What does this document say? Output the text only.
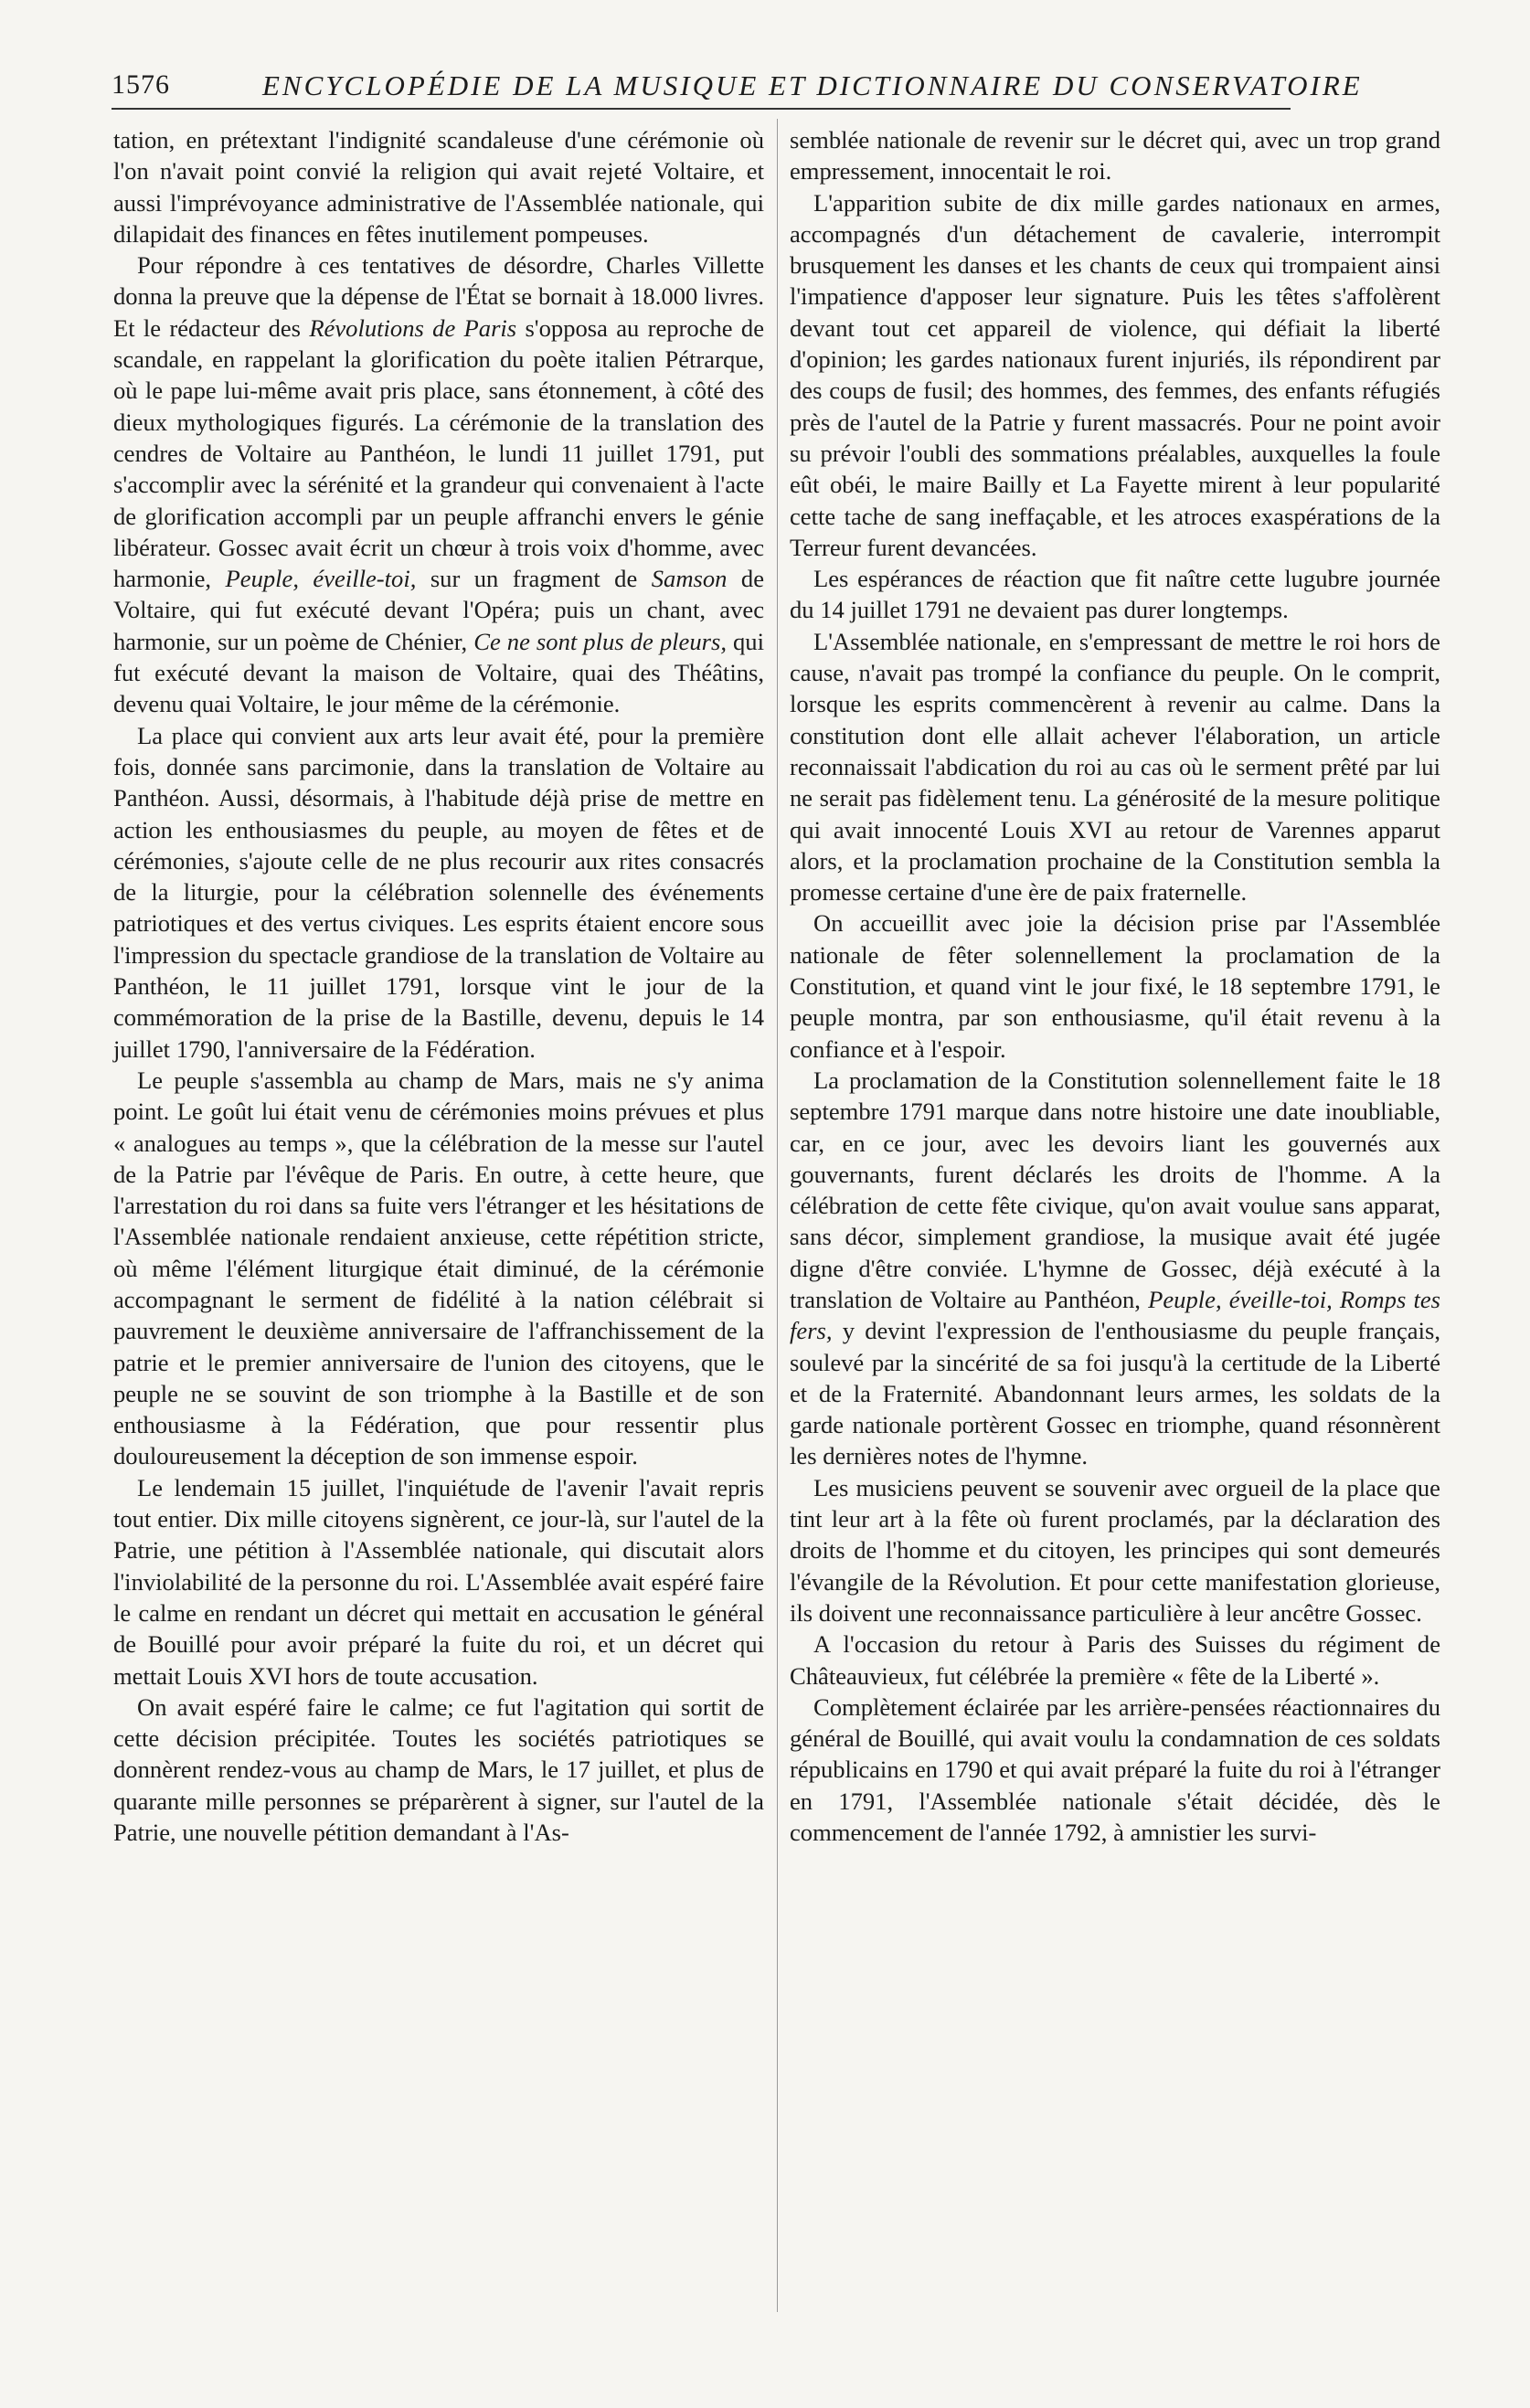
1576	ENCYCLOPÉDIE DE LA MUSIQUE ET DICTIONNAIRE DU CONSERVATOIRE

tation, en prétextant l'indignité scandaleuse d'une cérémonie où l'on n'avait point convié la religion qui avait rejeté Voltaire, et aussi l'imprévoyance administrative de l'Assemblée nationale, qui dilapidait des finances en fêtes inutilement pompeuses.

Pour répondre à ces tentatives de désordre, Charles Villette donna la preuve que la dépense de l'État se bornait à 18.000 livres. Et le rédacteur des Révolutions de Paris s'opposa au reproche de scandale, en rappelant la glorification du poète italien Pétrarque, où le pape lui-même avait pris place, sans étonnement, à côté des dieux mythologiques figurés. La cérémonie de la translation des cendres de Voltaire au Panthéon, le lundi 11 juillet 1791, put s'accomplir avec la sérénité et la grandeur qui convenaient à l'acte de glorification accompli par un peuple affranchi envers le génie libérateur. Gossec avait écrit un chœur à trois voix d'homme, avec harmonie, Peuple, éveille-toi, sur un fragment de Samson de Voltaire, qui fut exécuté devant l'Opéra; puis un chant, avec harmonie, sur un poème de Chénier, Ce ne sont plus de pleurs, qui fut exécuté devant la maison de Voltaire, quai des Théâtins, devenu quai Voltaire, le jour même de la cérémonie.

La place qui convient aux arts leur avait été, pour la première fois, donnée sans parcimonie, dans la translation de Voltaire au Panthéon. Aussi, désormais, à l'habitude déjà prise de mettre en action les enthousiasmes du peuple, au moyen de fêtes et de cérémonies, s'ajoute celle de ne plus recourir aux rites consacrés de la liturgie, pour la célébration solennelle des événements patriotiques et des vertus civiques. Les esprits étaient encore sous l'impression du spectacle grandiose de la translation de Voltaire au Panthéon, le 11 juillet 1791, lorsque vint le jour de la commémoration de la prise de la Bastille, devenu, depuis le 14 juillet 1790, l'anniversaire de la Fédération.

Le peuple s'assembla au champ de Mars, mais ne s'y anima point. Le goût lui était venu de cérémonies moins prévues et plus « analogues au temps », que la célébration de la messe sur l'autel de la Patrie par l'évêque de Paris. En outre, à cette heure, que l'arrestation du roi dans sa fuite vers l'étranger et les hésitations de l'Assemblée nationale rendaient anxieuse, cette répétition stricte, où même l'élément liturgique était diminué, de la cérémonie accompagnant le serment de fidélité à la nation célébrait si pauvrement le deuxième anniversaire de l'affranchissement de la patrie et le premier anniversaire de l'union des citoyens, que le peuple ne se souvint de son triomphe à la Bastille et de son enthousiasme à la Fédération, que pour ressentir plus douloureusement la déception de son immense espoir.

Le lendemain 15 juillet, l'inquiétude de l'avenir l'avait repris tout entier. Dix mille citoyens signèrent, ce jour-là, sur l'autel de la Patrie, une pétition à l'Assemblée nationale, qui discutait alors l'inviolabilité de la personne du roi. L'Assemblée avait espéré faire le calme en rendant un décret qui mettait en accusation le général de Bouillé pour avoir préparé la fuite du roi, et un décret qui mettait Louis XVI hors de toute accusation.

On avait espéré faire le calme; ce fut l'agitation qui sortit de cette décision précipitée. Toutes les sociétés patriotiques se donnèrent rendez-vous au champ de Mars, le 17 juillet, et plus de quarante mille personnes se préparèrent à signer, sur l'autel de la Patrie, une nouvelle pétition demandant à l'As-

semblée nationale de revenir sur le décret qui, avec un trop grand empressement, innocentait le roi.

L'apparition subite de dix mille gardes nationaux en armes, accompagnés d'un détachement de cavalerie, interrompit brusquement les danses et les chants de ceux qui trompaient ainsi l'impatience d'apposer leur signature. Puis les têtes s'affolèrent devant tout cet appareil de violence, qui défiait la liberté d'opinion; les gardes nationaux furent injuriés, ils répondirent par des coups de fusil; des hommes, des femmes, des enfants réfugiés près de l'autel de la Patrie y furent massacrés. Pour ne point avoir su prévoir l'oubli des sommations préalables, auxquelles la foule eût obéi, le maire Bailly et La Fayette mirent à leur popularité cette tache de sang ineffaçable, et les atroces exaspérations de la Terreur furent devancées.

Les espérances de réaction que fit naître cette lugubre journée du 14 juillet 1791 ne devaient pas durer longtemps.

L'Assemblée nationale, en s'empressant de mettre le roi hors de cause, n'avait pas trompé la confiance du peuple. On le comprit, lorsque les esprits commencèrent à revenir au calme. Dans la constitution dont elle allait achever l'élaboration, un article reconnaissait l'abdication du roi au cas où le serment prêté par lui ne serait pas fidèlement tenu. La générosité de la mesure politique qui avait innocenté Louis XVI au retour de Varennes apparut alors, et la proclamation prochaine de la Constitution sembla la promesse certaine d'une ère de paix fraternelle.

On accueillit avec joie la décision prise par l'Assemblée nationale de fêter solennellement la proclamation de la Constitution, et quand vint le jour fixé, le 18 septembre 1791, le peuple montra, par son enthousiasme, qu'il était revenu à la confiance et à l'espoir.

La proclamation de la Constitution solennellement faite le 18 septembre 1791 marque dans notre histoire une date inoubliable, car, en ce jour, avec les devoirs liant les gouvernés aux gouvernants, furent déclarés les droits de l'homme. A la célébration de cette fête civique, qu'on avait voulue sans apparat, sans décor, simplement grandiose, la musique avait été jugée digne d'être conviée. L'hymne de Gossec, déjà exécuté à la translation de Voltaire au Panthéon, Peuple, éveille-toi, Romps tes fers, y devint l'expression de l'enthousiasme du peuple français, soulevé par la sincérité de sa foi jusqu'à la certitude de la Liberté et de la Fraternité. Abandonnant leurs armes, les soldats de la garde nationale portèrent Gossec en triomphe, quand résonnèrent les dernières notes de l'hymne.

Les musiciens peuvent se souvenir avec orgueil de la place que tint leur art à la fête où furent proclamés, par la déclaration des droits de l'homme et du citoyen, les principes qui sont demeurés l'évangile de la Révolution. Et pour cette manifestation glorieuse, ils doivent une reconnaissance particulière à leur ancêtre Gossec.

A l'occasion du retour à Paris des Suisses du régiment de Châteauvieux, fut célébrée la première « fête de la Liberté ».

Complètement éclairée par les arrière-pensées réactionnaires du général de Bouillé, qui avait voulu la condamnation de ces soldats républicains en 1790 et qui avait préparé la fuite du roi à l'étranger en 1791, l'Assemblée nationale s'était décidée, dès le commencement de l'année 1792, à amnistier les survi-
